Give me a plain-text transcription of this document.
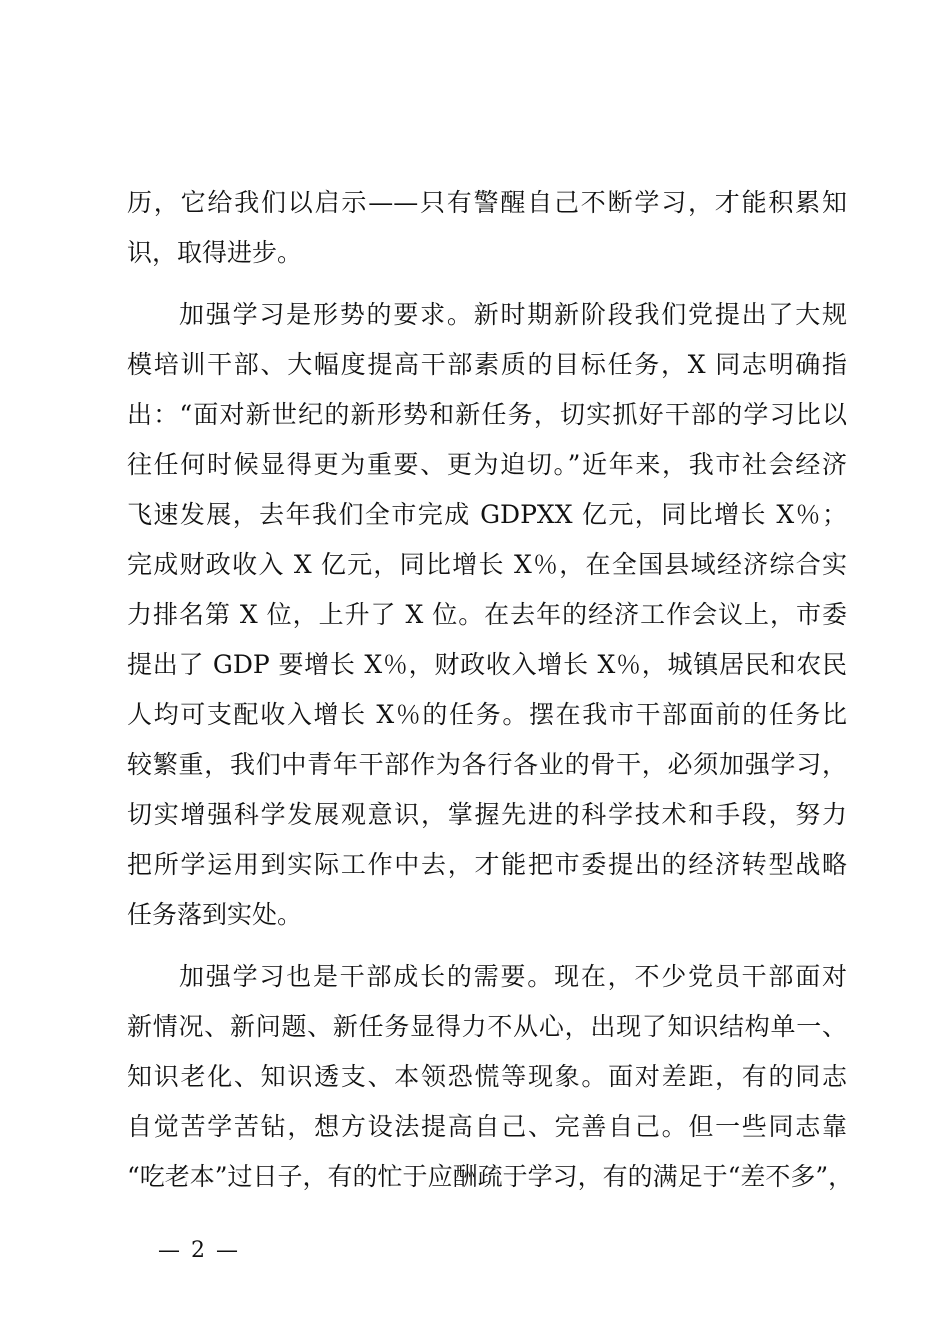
历，它给我们以启示——只有警醒自己不断学习，才能积累知
识，取得进步。
加强学习是形势的要求。新时期新阶段我们党提出了大规
模培训干部、大幅度提高干部素质的目标任务，X 同志明确指
出：“面对新世纪的新形势和新任务，切实抓好干部的学习比以
往任何时候显得更为重要、更为迫切。”近年来，我市社会经济
飞速发展，去年我们全市完成 GDPXX 亿元，同比增长 X％；
完成财政收入 X 亿元，同比增长 X％，在全国县域经济综合实
力排名第 X 位，上升了 X 位。在去年的经济工作会议上，市委
提出了 GDP 要增长 X％，财政收入增长 X％，城镇居民和农民
人均可支配收入增长 X％的任务。摆在我市干部面前的任务比
较繁重，我们中青年干部作为各行各业的骨干，必须加强学习，
切实增强科学发展观意识，掌握先进的科学技术和手段，努力
把所学运用到实际工作中去，才能把市委提出的经济转型战略
任务落到实处。
加强学习也是干部成长的需要。现在，不少党员干部面对
新情况、新问题、新任务显得力不从心，出现了知识结构单一、
知识老化、知识透支、本领恐慌等现象。面对差距，有的同志
自觉苦学苦钻，想方设法提高自己、完善自己。但一些同志靠
“吃老本”过日子，有的忙于应酬疏于学习，有的满足于“差不多”，
— 2 —
